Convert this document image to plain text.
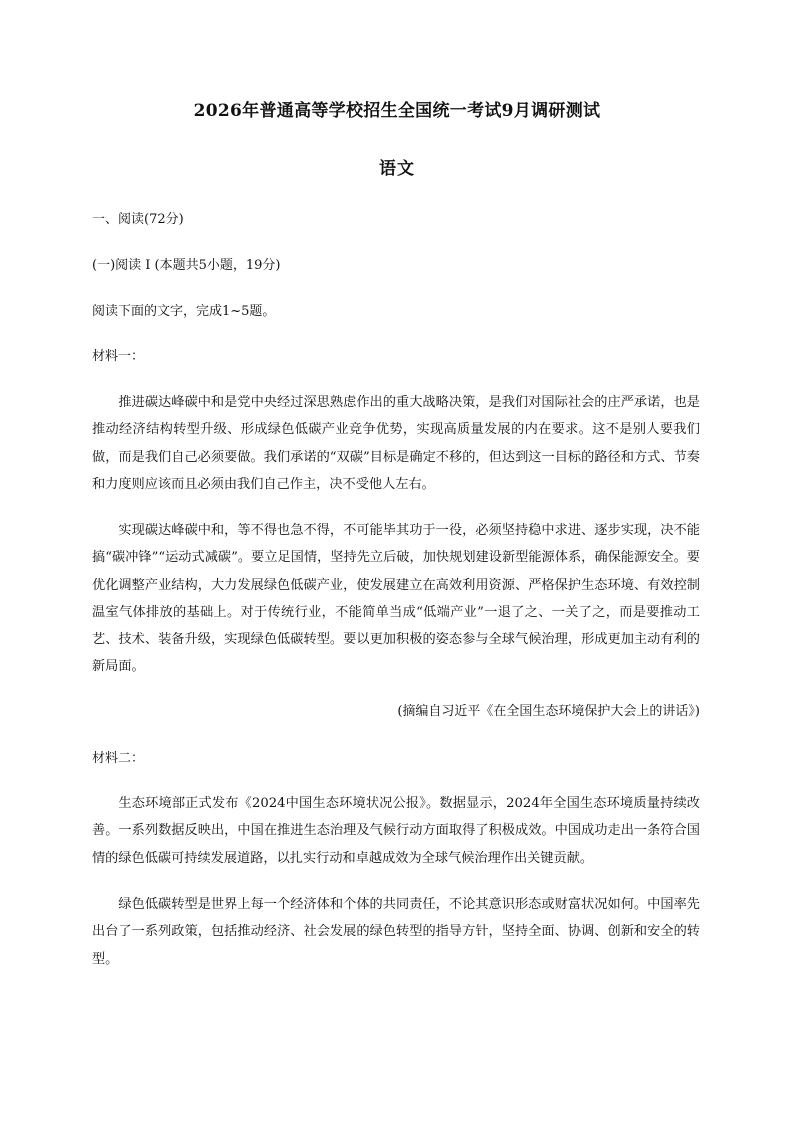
2026年普通高等学校招生全国统一考试9月调研测试
语文
一、阅读(72分)
(一)阅读 I (本题共5小题，19分)
阅读下面的文字，完成1~5题。
材料一：

推进碳达峰碳中和是党中央经过深思熟虑作出的重大战略决策，是我们对国际社会的庄严承诺，也是推动经济结构转型升级、形成绿色低碳产业竞争优势，实现高质量发展的内在要求。这不是别人要我们做，而是我们自己必须要做。我们承诺的“双碳”目标是确定不移的，但达到这一目标的路径和方式、节奏和力度则应该而且必须由我们自己作主，决不受他人左右。

实现碳达峰碳中和，等不得也急不得，不可能毕其功于一役，必须坚持稳中求进、逐步实现，决不能搞“碳冲锋”“运动式减碳”。要立足国情，坚持先立后破，加快规划建设新型能源体系，确保能源安全。要优化调整产业结构，大力发展绿色低碳产业，使发展建立在高效利用资源、严格保护生态环境、有效控制温室气体排放的基础上。对于传统行业，不能简单当成“低端产业”一退了之、一关了之，而是要推动工艺、技术、装备升级，实现绿色低碳转型。要以更加积极的姿态参与全球气候治理，形成更加主动有利的新局面。

(摘编自习近平《在全国生态环境保护大会上的讲话》)
材料二：

生态环境部正式发布《2024中国生态环境状况公报》。数据显示，2024年全国生态环境质量持续改善。一系列数据反映出，中国在推进生态治理及气候行动方面取得了积极成效。中国成功走出一条符合国情的绿色低碳可持续发展道路，以扎实行动和卓越成效为全球气候治理作出关键贡献。

绿色低碳转型是世界上每一个经济体和个体的共同责任，不论其意识形态或财富状况如何。中国率先出台了一系列政策，包括推动经济、社会发展的绿色转型的指导方针，坚持全面、协调、创新和安全的转型。
